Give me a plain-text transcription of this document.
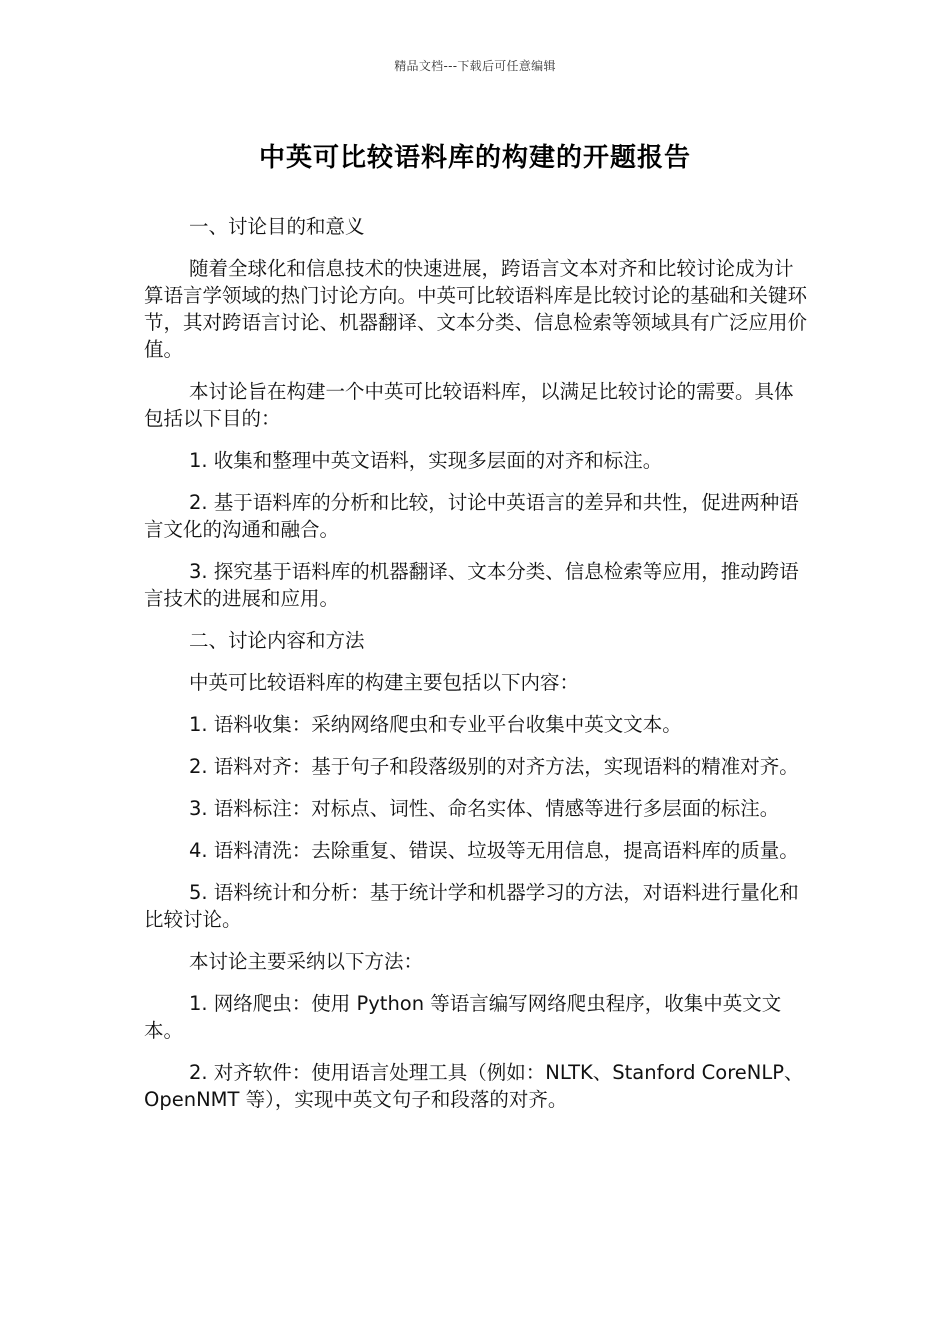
精品文档---下载后可任意编辑
中英可比较语料库的构建的开题报告

一、讨论目的和意义

随着全球化和信息技术的快速进展，跨语言文本对齐和比较讨论成为计算语言学领域的热门讨论方向。中英可比较语料库是比较讨论的基础和关键环节，其对跨语言讨论、机器翻译、文本分类、信息检索等领域具有广泛应用价值。

本讨论旨在构建一个中英可比较语料库，以满足比较讨论的需要。具体包括以下目的：

1. 收集和整理中英文语料，实现多层面的对齐和标注。

2. 基于语料库的分析和比较，讨论中英语言的差异和共性，促进两种语言文化的沟通和融合。

3. 探究基于语料库的机器翻译、文本分类、信息检索等应用，推动跨语言技术的进展和应用。

二、讨论内容和方法

中英可比较语料库的构建主要包括以下内容：

1. 语料收集：采纳网络爬虫和专业平台收集中英文文本。

2. 语料对齐：基于句子和段落级别的对齐方法，实现语料的精准对齐。

3. 语料标注：对标点、词性、命名实体、情感等进行多层面的标注。

4. 语料清洗：去除重复、错误、垃圾等无用信息，提高语料库的质量。

5. 语料统计和分析：基于统计学和机器学习的方法，对语料进行量化和比较讨论。

本讨论主要采纳以下方法：

1. 网络爬虫：使用 Python 等语言编写网络爬虫程序，收集中英文文本。

2. 对齐软件：使用语言处理工具（例如：NLTK、Stanford CoreNLP、OpenNMT 等），实现中英文句子和段落的对齐。
